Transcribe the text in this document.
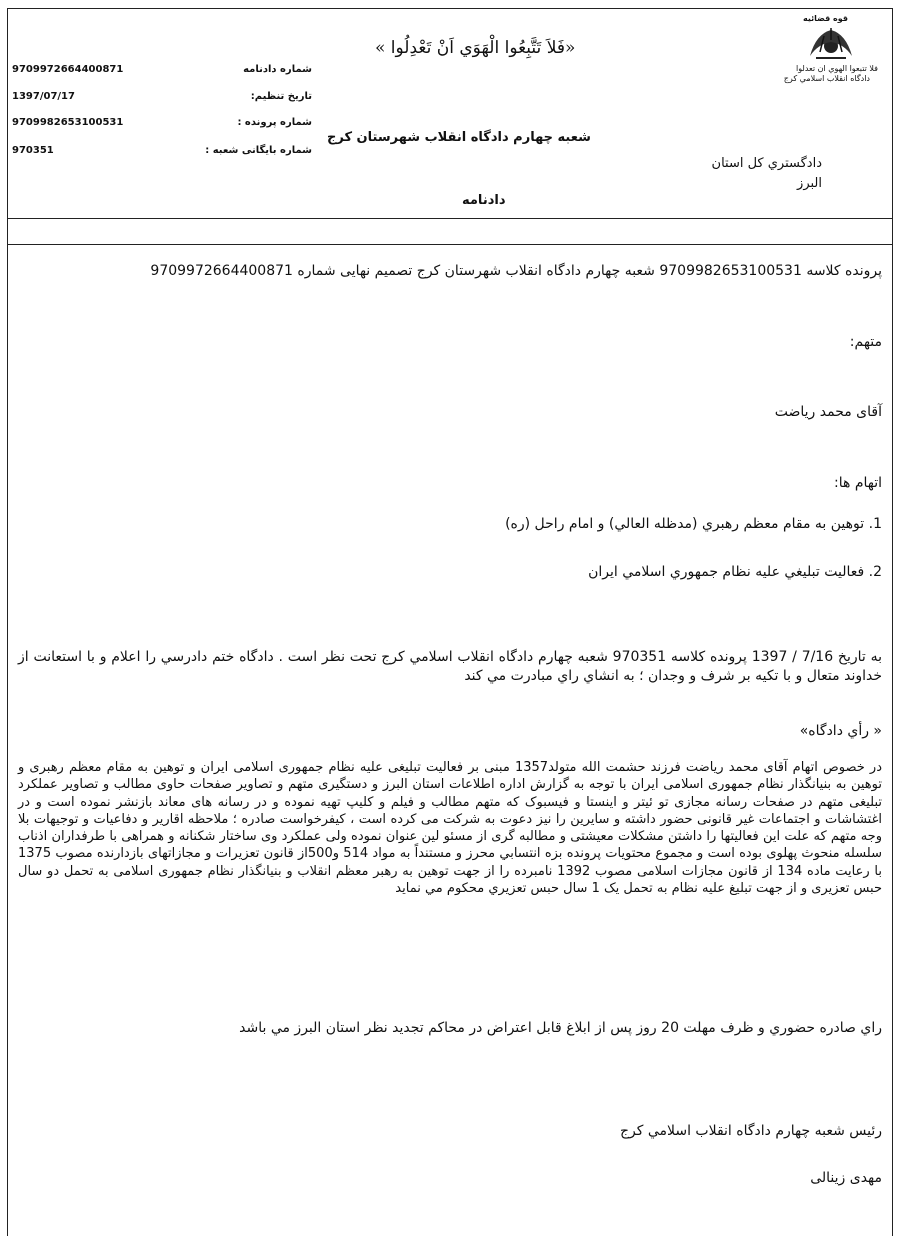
9709972664400871	شماره دادنامه
1397/07/17	تاریخ تنظیم:
9709982653100531	شماره پرونده :
970351	شماره بایگانی شعبه :
«فَلاَ تَتَّبِعُوا الْهَوَي اَنْ تَعْدِلُوا »
شعبه چهارم دادگاه انقلاب شهرستان كرج
دادنامه
دادگستري كل استان
البرز
قوه قضائیه
فلا تتبعوا الهوي ان تعدلوا
دادگاه انقلاب اسلامي كرج
پرونده كلاسه 9709982653100531 شعبه چهارم دادگاه انقلاب شهرستان كرج تصميم نهايی شماره 9709972664400871
متهم:
آقای محمد رياضت
اتهام ها:
1. توهين به مقام معظم رهبري (مدظله العالي) و امام راحل (ره)
2. فعاليت تبليغي عليه نظام جمهوري اسلامي ايران
به تاريخ 7/16 / 1397 پرونده كلاسه 970351 شعبه چهارم دادگاه انقلاب اسلامي كرج تحت نظر است . دادگاه ختم دادرسي را اعلام و با استعانت از خداوند متعال و با تكيه بر شرف و وجدان ؛ به انشاي راي مبادرت مي كند
« رأي دادگاه»
در خصوص اتهام آقای محمد رياضت فرزند حشمت الله متولد1357 مبنی بر فعالیت تبلیغی علیه نظام جمهوری اسلامی ایران و توهین به مقام معظم رهبری و توهین به بنیانگذار نظام جمهوری اسلامی ایران با توجه به گزارش اداره اطلاعات استان البرز و دستگیری متهم و تصاویر صفحات حاوی مطالب و تصاویر عملکرد تبلیغی متهم در صفحات رسانه مجازی تو ئیتر و اینستا و فیسبوک که متهم مطالب و فیلم و کلیپ تهیه نموده و در رسانه های معاند بازنشر نموده است و در اغتشاشات و اجتماعات غیر قانونی حضور داشته و سایرین را نیز دعوت به شرکت می کرده است ، کیفرخواست صادره ؛ ملاحظه اقاریر و دفاعیات و توجیهات بلا وجه متهم که علت این فعالیتها را داشتن مشکلات معیشتی و مطالبه گری از مسئو لین عنوان نموده ولی عملکرد وی ساختار شکنانه و همراهی با طرفداران اذناب سلسله منحوث پهلوی بوده است و مجموع محتویات پرونده بزه انتسابي محرز و مستنداً به مواد 514 و500از قانون تعزيرات و مجازاتهای بازدارنده مصوب 1375 با رعایت ماده 134 از قانون مجازات اسلامی مصوب 1392 نامبرده را از جهت توهین به رهبر معظم انقلاب و بنیانگذار نظام جمهوری اسلامی به تحمل دو سال حبس تعزیری و از جهت تبلیغ علیه نظام به تحمل یک 1 سال حبس تعزيري محكوم مي نمايد
راي صادره حضوري و ظرف مهلت 20 روز پس از ابلاغ قابل اعتراض در محاكم تجديد نظر استان البرز مي باشد
رئيس شعبه چهارم دادگاه انقلاب اسلامي كرج
مهدی زینالی
